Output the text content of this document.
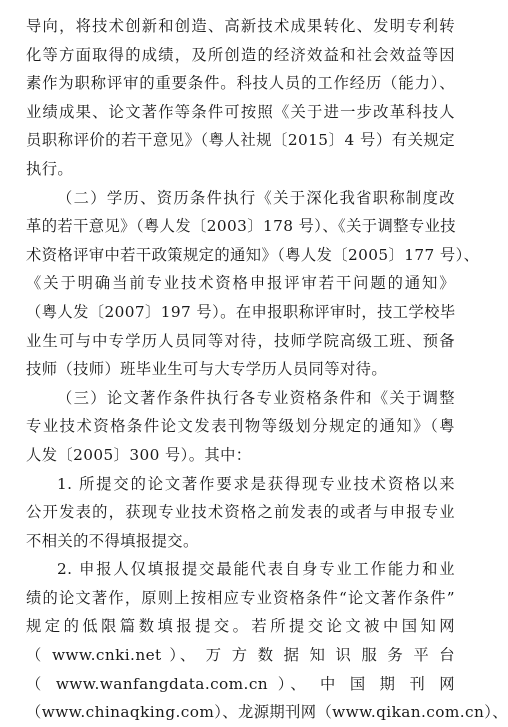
导向，将技术创新和创造、高新技术成果转化、发明专利转
化等方面取得的成绩，及所创造的经济效益和社会效益等因
素作为职称评审的重要条件。科技人员的工作经历（能力）、
业绩成果、论文著作等条件可按照《关于进一步改革科技人
员职称评价的若干意见》（粤人社规〔2015〕4 号）有关规定
执行。
（二）学历、资历条件执行《关于深化我省职称制度改
革的若干意见》（粤人发〔2003〕178 号）、《关于调整专业技
术资格评审中若干政策规定的通知》（粤人发〔2005〕177 号）、
《关于明确当前专业技术资格申报评审若干问题的通知》
（粤人发〔2007〕197 号）。在申报职称评审时，技工学校毕
业生可与中专学历人员同等对待，技师学院高级工班、预备
技师（技师）班毕业生可与大专学历人员同等对待。
（三）论文著作条件执行各专业资格条件和《关于调整
专业技术资格条件论文发表刊物等级划分规定的通知》（粤
人发〔2005〕300 号）。其中：
1. 所提交的论文著作要求是获得现专业技术资格以来
公开发表的，获现专业技术资格之前发表的或者与申报专业
不相关的不得填报提交。
2. 申报人仅填报提交最能代表自身专业工作能力和业
绩的论文著作，原则上按相应专业资格条件“论文著作条件”
规定的低限篇数填报提交。若所提交论文被中国知网
（ www.cnki.net ）、 万 方 数 据 知 识 服 务 平 台
（ www.wanfangdata.com.cn ）、 中 国 期 刊 网
（www.chinaqking.com）、龙源期刊网（www.qikan.com.cn）、
